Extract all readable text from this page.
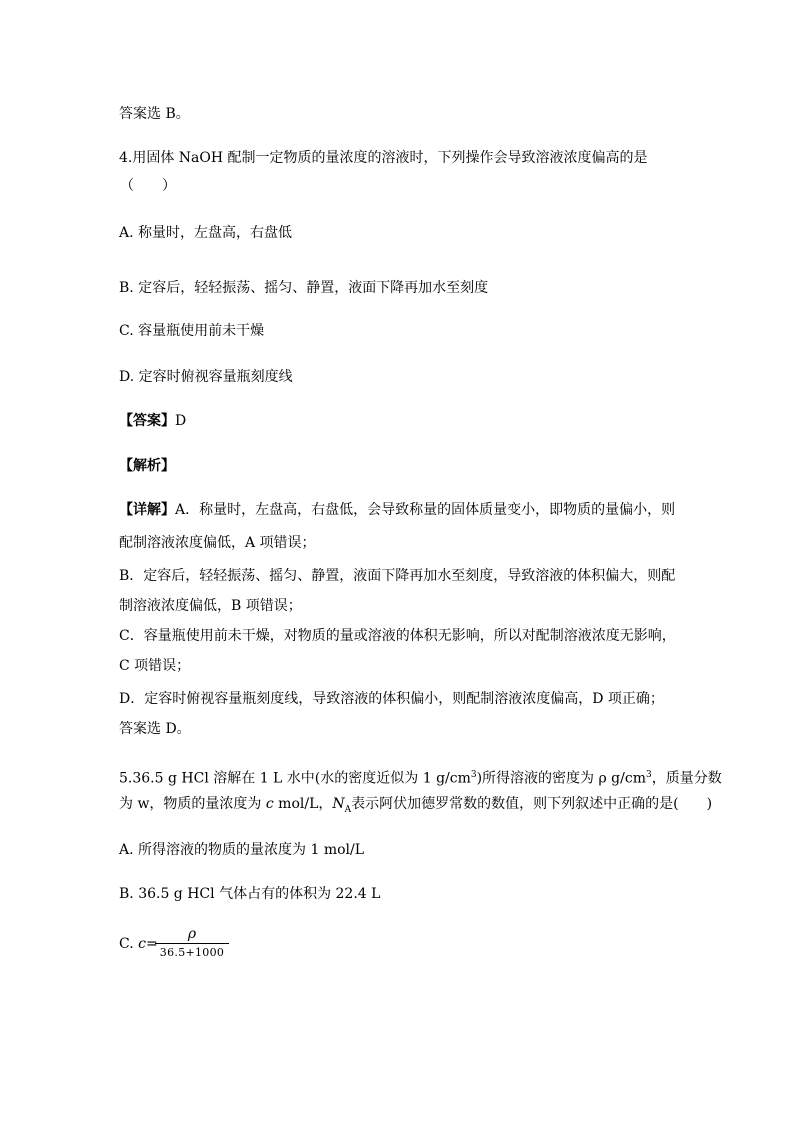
答案选 B。
4.用固体 NaOH 配制一定物质的量浓度的溶液时，下列操作会导致溶液浓度偏高的是
（　　）
A. 称量时，左盘高，右盘低
B. 定容后，轻轻振荡、摇匀、静置，液面下降再加水至刻度
C. 容量瓶使用前未干燥
D. 定容时俯视容量瓶刻度线
【答案】D
【解析】
【详解】A．称量时，左盘高，右盘低，会导致称量的固体质量变小，即物质的量偏小，则
配制溶液浓度偏低，A 项错误；
B．定容后，轻轻振荡、摇匀、静置，液面下降再加水至刻度，导致溶液的体积偏大，则配
制溶液浓度偏低，B 项错误；
C．容量瓶使用前未干燥，对物质的量或溶液的体积无影响，所以对配制溶液浓度无影响，
C 项错误；
D．定容时俯视容量瓶刻度线，导致溶液的体积偏小，则配制溶液浓度偏高，D 项正确；
答案选 D。
5.36.5 g HCl 溶解在 1 L 水中(水的密度近似为 1 $g/cm^3$)所得溶液的密度为 ρ $g/cm^3$，质量分数
为 w，物质的量浓度为 c mol/L，$N_A$表示阿伏加德罗常数的数值，则下列叙述中正确的是(　　)
A. 所得溶液的物质的量浓度为 1 mol/L
B. 36.5 g HCl 气体占有的体积为 22.4 L
C. c=
ρ
36.5+1000
